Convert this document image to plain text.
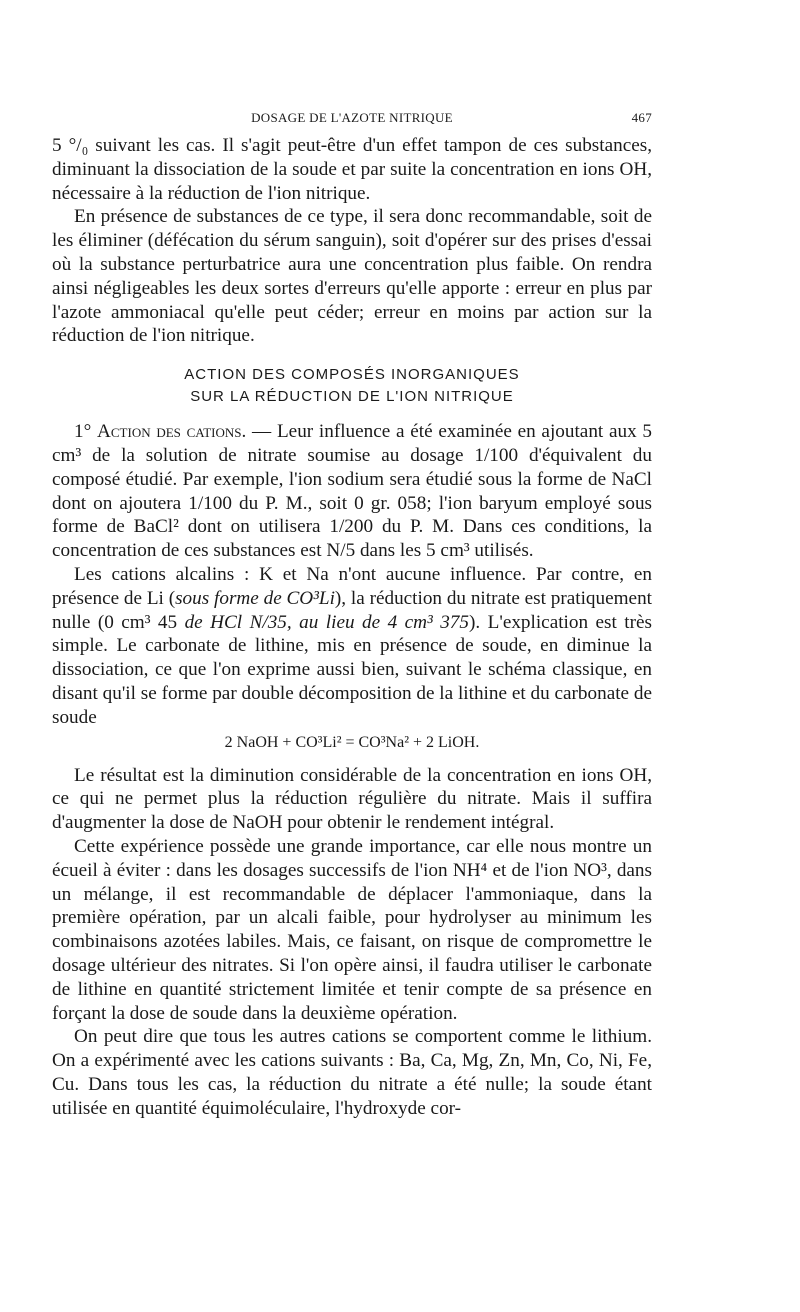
DOSAGE DE L'AZOTE NITRIQUE	467

5 °/₀ suivant les cas. Il s'agit peut-être d'un effet tampon de ces substances, diminuant la dissociation de la soude et par suite la concentration en ions OH, nécessaire à la réduction de l'ion nitrique.

En présence de substances de ce type, il sera donc recommandable, soit de les éliminer (défécation du sérum sanguin), soit d'opérer sur des prises d'essai où la substance perturbatrice aura une concentration plus faible. On rendra ainsi négligeables les deux sortes d'erreurs qu'elle apporte : erreur en plus par l'azote ammoniacal qu'elle peut céder; erreur en moins par action sur la réduction de l'ion nitrique.

ACTION DES COMPOSÉS INORGANIQUES
SUR LA RÉDUCTION DE L'ION NITRIQUE

1° Action des cations. — Leur influence a été examinée en ajoutant aux 5 cm³ de la solution de nitrate soumise au dosage 1/100 d'équivalent du composé étudié. Par exemple, l'ion sodium sera étudié sous la forme de NaCl dont on ajoutera 1/100 du P. M., soit 0 gr. 058; l'ion baryum employé sous forme de BaCl² dont on utilisera 1/200 du P. M. Dans ces conditions, la concentration de ces substances est N/5 dans les 5 cm³ utilisés.

Les cations alcalins : K et Na n'ont aucune influence. Par contre, en présence de Li (sous forme de CO³Li), la réduction du nitrate est pratiquement nulle (0 cm³ 45 de HCl N/35, au lieu de 4 cm³ 375). L'explication est très simple. Le carbonate de lithine, mis en présence de soude, en diminue la dissociation, ce que l'on exprime aussi bien, suivant le schéma classique, en disant qu'il se forme par double décomposition de la lithine et du carbonate de soude

2 NaOH + CO³Li² = CO³Na² + 2 LiOH.

Le résultat est la diminution considérable de la concentration en ions OH, ce qui ne permet plus la réduction régulière du nitrate. Mais il suffira d'augmenter la dose de NaOH pour obtenir le rendement intégral.

Cette expérience possède une grande importance, car elle nous montre un écueil à éviter : dans les dosages successifs de l'ion NH⁴ et de l'ion NO³, dans un mélange, il est recommandable de déplacer l'ammoniaque, dans la première opération, par un alcali faible, pour hydrolyser au minimum les combinaisons azotées labiles. Mais, ce faisant, on risque de compromettre le dosage ultérieur des nitrates. Si l'on opère ainsi, il faudra utiliser le carbonate de lithine en quantité strictement limitée et tenir compte de sa présence en forçant la dose de soude dans la deuxième opération.

On peut dire que tous les autres cations se comportent comme le lithium. On a expérimenté avec les cations suivants : Ba, Ca, Mg, Zn, Mn, Co, Ni, Fe, Cu. Dans tous les cas, la réduction du nitrate a été nulle; la soude étant utilisée en quantité équimoléculaire, l'hydroxyde cor-
